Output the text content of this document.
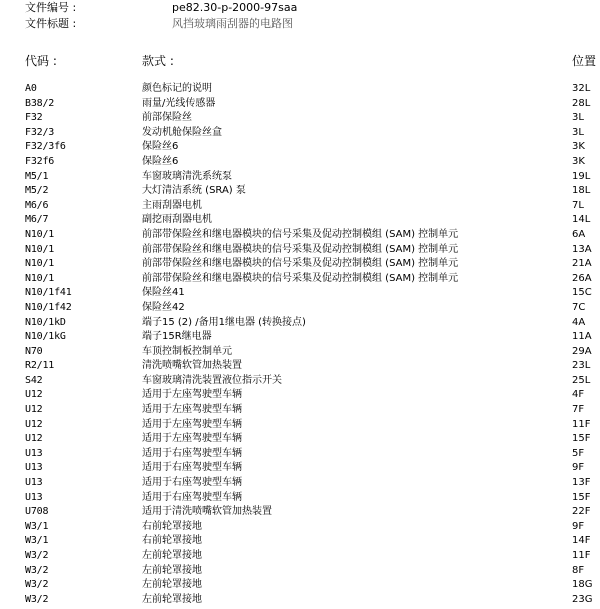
文件编号 :	pe82.30-p-2000-97saa
文件标题 :	风挡玻璃雨刮器的电路图
代码 :	款式 :	位置
A0	颜色标记的说明	32L
B38/2	雨量/光线传感器	28L
F32	前部保险丝	3L
F32/3	发动机舱保险丝盒	3L
F32/3f6	保险丝6	3K
F32f6	保险丝6	3K
M5/1	车窗玻璃清洗系统泵	19L
M5/2	大灯清洁系统 (SRA) 泵	18L
M6/6	主雨刮器电机	7L
M6/7	副挖雨刮器电机	14L
N10/1	前部带保险丝和继电器模块的信号采集及促动控制模组 (SAM) 控制单元	6A
N10/1	前部带保险丝和继电器模块的信号采集及促动控制模组 (SAM) 控制单元	13A
N10/1	前部带保险丝和继电器模块的信号采集及促动控制模组 (SAM) 控制单元	21A
N10/1	前部带保险丝和继电器模块的信号采集及促动控制模组 (SAM) 控制单元	26A
N10/1f41	保险丝41	15C
N10/1f42	保险丝42	7C
N10/1kD	端子15 (2) /备用1继电器 (转换接点)	4A
N10/1kG	端子15R继电器	11A
N70	车顶控制板控制单元	29A
R2/11	清洗喷嘴软管加热装置	23L
S42	车窗玻璃清洗装置液位指示开关	25L
U12	适用于左座驾驶型车辆	4F
U12	适用于左座驾驶型车辆	7F
U12	适用于左座驾驶型车辆	11F
U12	适用于左座驾驶型车辆	15F
U13	适用于右座驾驶型车辆	5F
U13	适用于右座驾驶型车辆	9F
U13	适用于右座驾驶型车辆	13F
U13	适用于右座驾驶型车辆	15F
U708	适用于清洗喷嘴软管加热装置	22F
W3/1	右前轮罩接地	9F
W3/1	右前轮罩接地	14F
W3/2	左前轮罩接地	11F
W3/2	左前轮罩接地	8F
W3/2	左前轮罩接地	18G
W3/2	左前轮罩接地	23G
